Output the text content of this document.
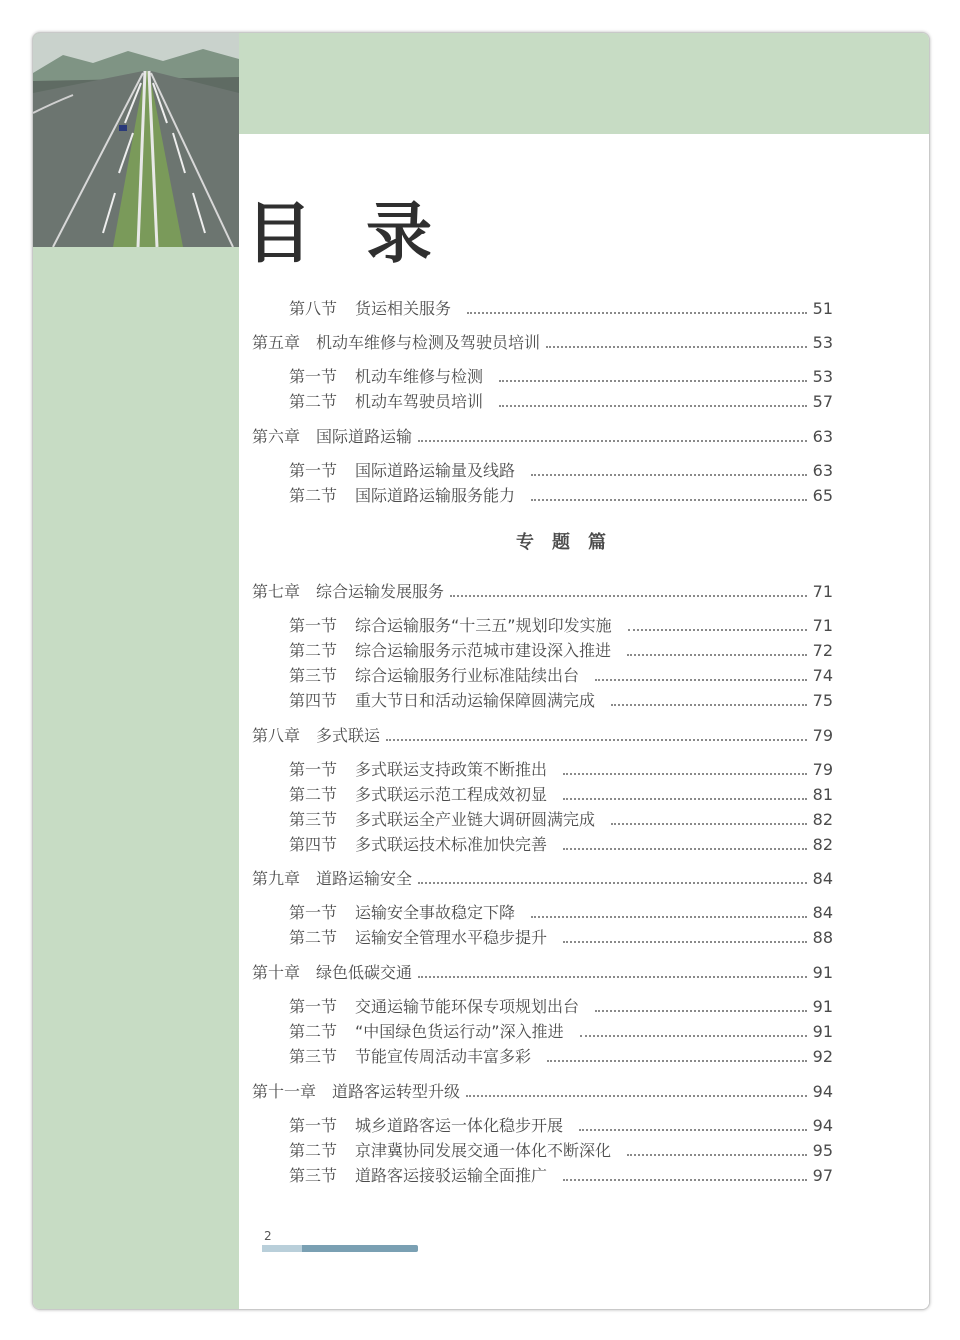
目录
专题篇
第八节 货运相关服务	51
第五章 机动车维修与检测及驾驶员培训	53
第一节 机动车维修与检测	53
第二节 机动车驾驶员培训	57
第六章 国际道路运输	63
第一节 国际道路运输量及线路	63
第二节 国际道路运输服务能力	65
第七章 综合运输发展服务	71
第一节 综合运输服务“十三五”规划印发实施	71
第二节 综合运输服务示范城市建设深入推进	72
第三节 综合运输服务行业标准陆续出台	74
第四节 重大节日和活动运输保障圆满完成	75
第八章 多式联运	79
第一节 多式联运支持政策不断推出	79
第二节 多式联运示范工程成效初显	81
第三节 多式联运全产业链大调研圆满完成	82
第四节 多式联运技术标准加快完善	82
第九章 道路运输安全	84
第一节 运输安全事故稳定下降	84
第二节 运输安全管理水平稳步提升	88
第十章 绿色低碳交通	91
第一节 交通运输节能环保专项规划出台	91
第二节 “中国绿色货运行动”深入推进	91
第三节 节能宣传周活动丰富多彩	92
第十一章 道路客运转型升级	94
第一节 城乡道路客运一体化稳步开展	94
第二节 京津冀协同发展交通一体化不断深化	95
第三节 道路客运接驳运输全面推广	97
2
